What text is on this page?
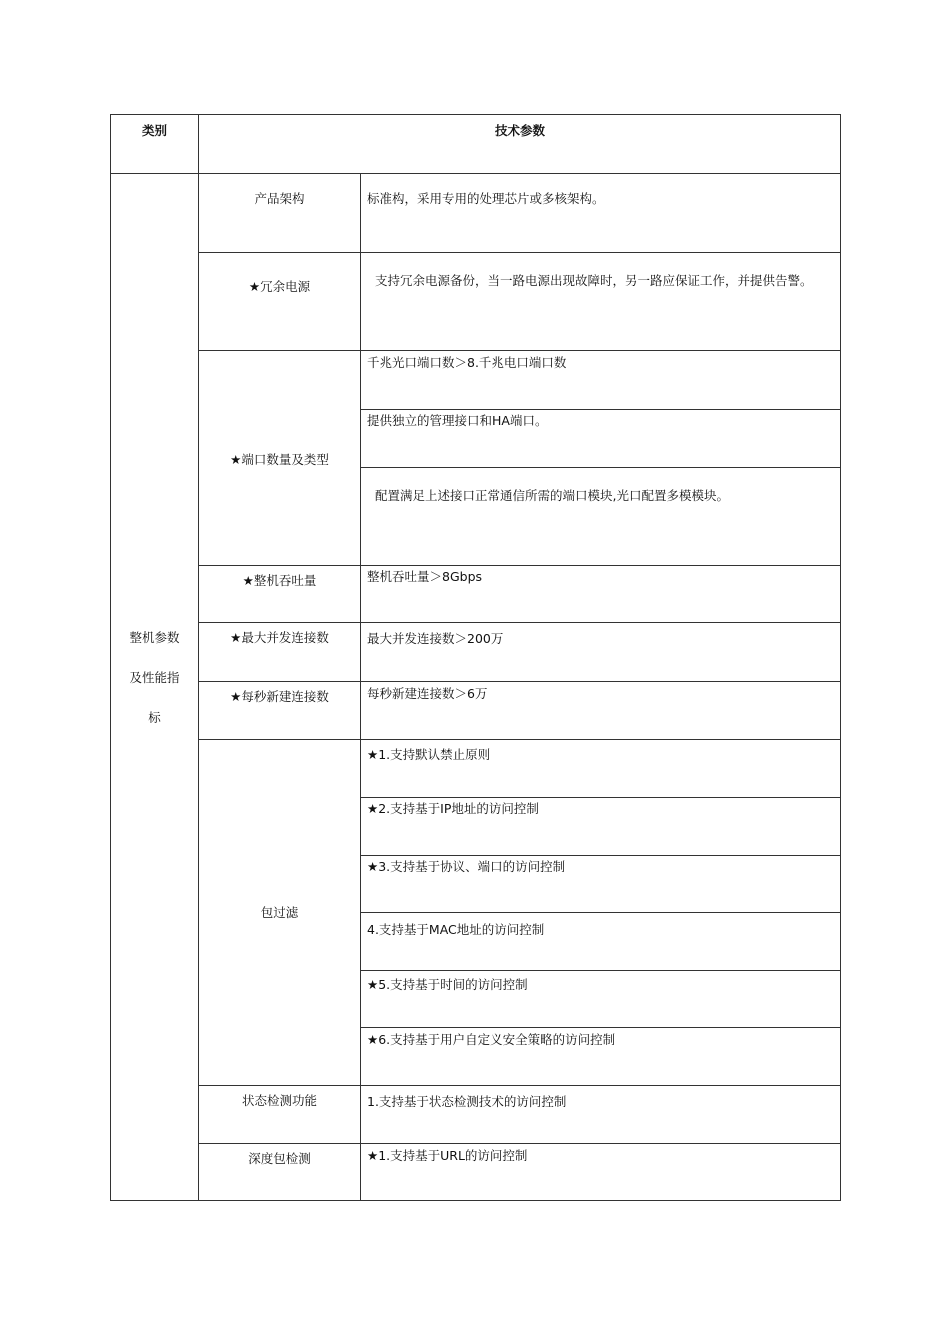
类别	技术参数
整机参数
及性能指
标
产品架构
★冗余电源
★端口数量及类型
★整机吞吐量
★最大并发连接数
★每秒新建连接数
包过滤
状态检测功能
深度包检测
标准构，采用专用的处理芯片或多核架构。
支持冗余电源备份，当一路电源出现故障时，另一路应保证工作，并提供告警。
千兆光口端口数＞8.千兆电口端口数
提供独立的管理接口和HA端口。
配置满足上述接口正常通信所需的端口模块,光口配置多模模块。
整机吞吐量＞8Gbps
最大并发连接数＞200万
每秒新建连接数＞6万
★1.支持默认禁止原则
★2.支持基于IP地址的访问控制
★3.支持基于协议、端口的访问控制
4.支持基于MAC地址的访问控制
★5.支持基于时间的访问控制
★6.支持基于用户自定义安全策略的访问控制
1.支持基于状态检测技术的访问控制
★1.支持基于URL的访问控制
